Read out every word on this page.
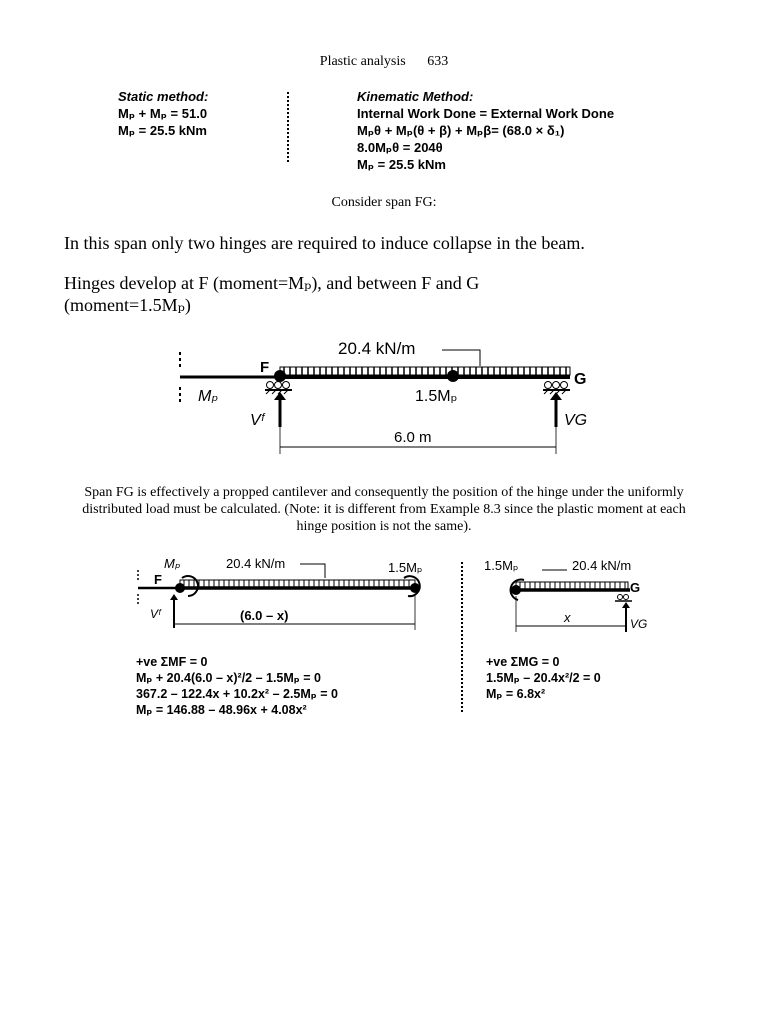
Plastic analysis 633
Static method:
Mₚ + Mₚ = 51.0
Mₚ = 25.5 kNm
Kinematic Method:
Internal Work Done = External Work Done
Mₚθ + Mₚ(θ + β) + Mₚβ= (68.0 × δ₁)
8.0Mₚθ = 204θ
Mₚ = 25.5 kNm
Consider span FG:
In this span only two hinges are required to induce collapse in the beam.
Hinges develop at F (moment=Mₚ), and between F and G (moment=1.5Mₚ)
20.4 kN/m
F
G
Mₚ	1.5Mₚ
Vᶠ	VG
6.0 m
Span FG is effectively a propped cantilever and consequently the position of the hinge under the uniformly distributed load must be calculated. (Note: it is different from Example 8.3 since the plastic moment at each hinge position is not the same).
Mₚ	20.4 kN/m	1.5Mₚ
F
Vᶠ	(6.0 – x)
+ve ΣMF = 0
Mₚ + 20.4(6.0 – x)²/2 – 1.5Mₚ = 0
367.2 – 122.4x + 10.2x² – 2.5Mₚ = 0
Mₚ = 146.88 – 48.96x + 4.08x²
1.5Mₚ	20.4 kN/m
G
VG
x
+ve ΣMG = 0
1.5Mₚ – 20.4x²/2 = 0
Mₚ = 6.8x²
